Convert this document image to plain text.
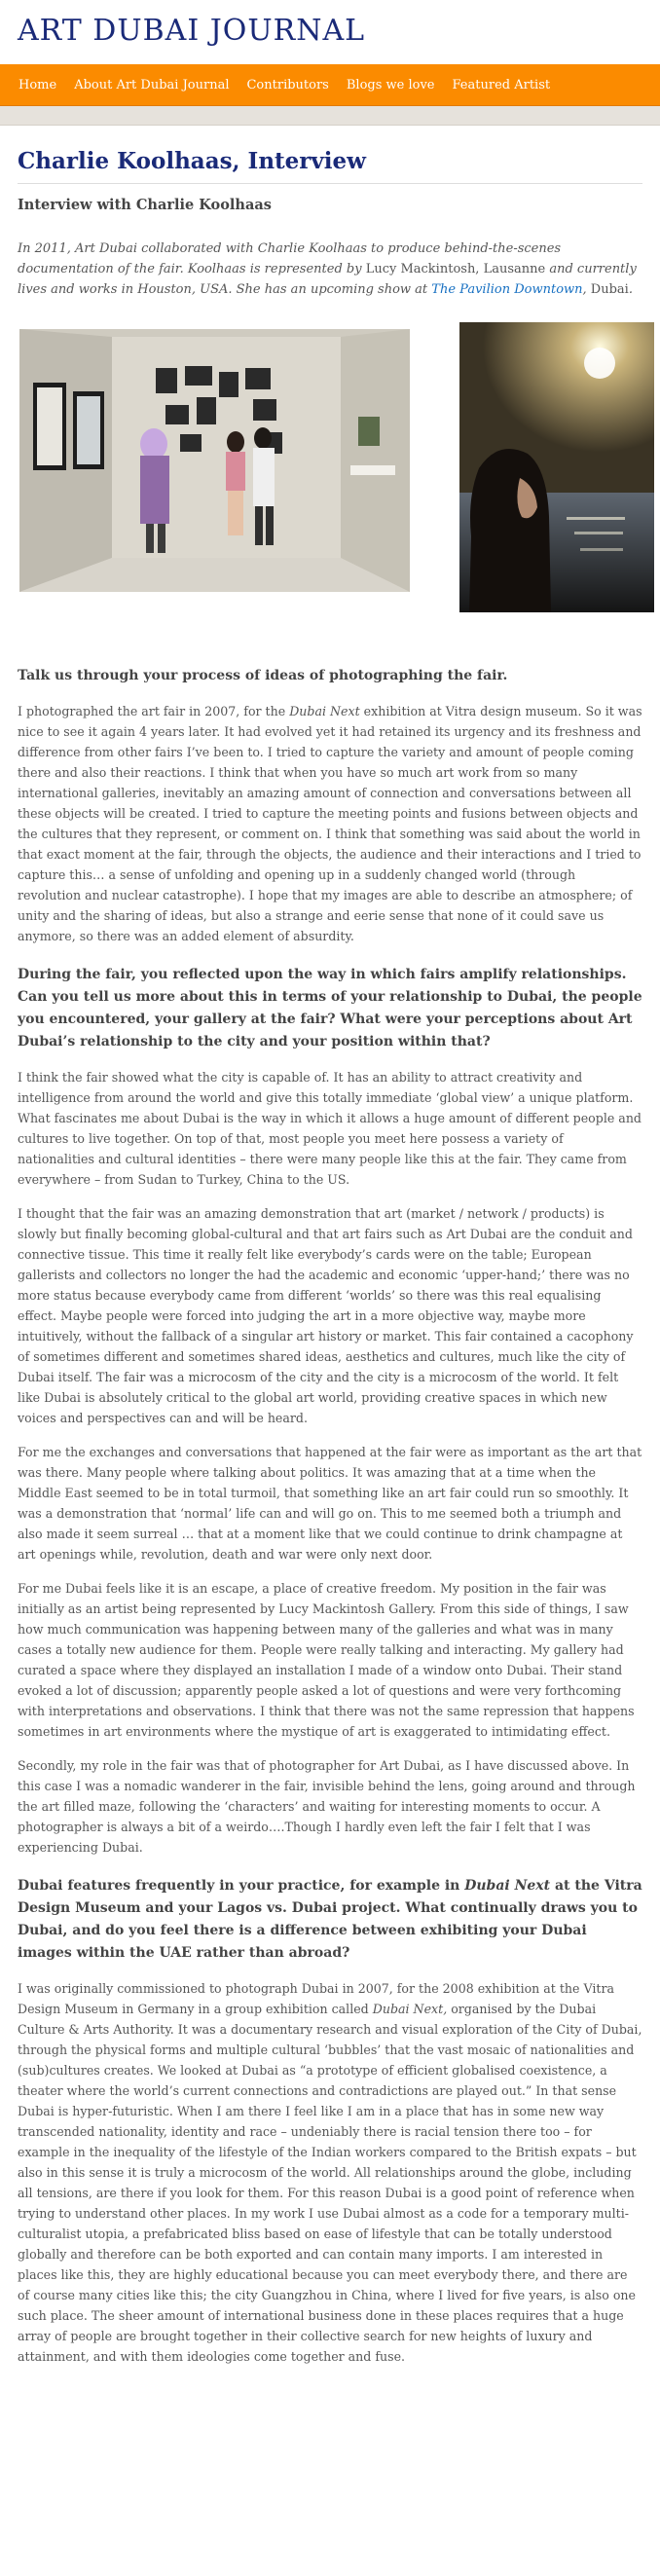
ART DUBAI JOURNAL
Home About Art Dubai Journal Contributors Blogs we love Featured Artist
Charlie Koolhaas, Interview
Interview with Charlie Koolhaas

In 2011, Art Dubai collaborated with Charlie Koolhaas to produce behind-the-scenes documentation of the fair. Koolhaas is represented by Lucy Mackintosh, Lausanne and currently lives and works in Houston, USA. She has an upcoming show at The Pavilion Downtown, Dubai.

Talk us through your process of ideas of photographing the fair.

I photographed the art fair in 2007, for the Dubai Next exhibition at Vitra design museum. So it was nice to see it again 4 years later. It had evolved yet it had retained its urgency and its freshness and difference from other fairs I’ve been to. I tried to capture the variety and amount of people coming there and also their reactions. I think that when you have so much art work from so many international galleries, inevitably an amazing amount of connection and conversations between all these objects will be created. I tried to capture the meeting points and fusions between objects and the cultures that they represent, or comment on. I think that something was said about the world in that exact moment at the fair, through the objects, the audience and their interactions and I tried to capture this… a sense of unfolding and opening up in a suddenly changed world (through revolution and nuclear catastrophe). I hope that my images are able to describe an atmosphere; of unity and the sharing of ideas, but also a strange and eerie sense that none of it could save us anymore, so there was an added element of absurdity.

During the fair, you reflected upon the way in which fairs amplify relationships. Can you tell us more about this in terms of your relationship to Dubai, the people you encountered, your gallery at the fair? What were your perceptions about Art Dubai’s relationship to the city and your position within that?

I think the fair showed what the city is capable of. It has an ability to attract creativity and intelligence from around the world and give this totally immediate ‘global view’ a unique platform. What fascinates me about Dubai is the way in which it allows a huge amount of different people and cultures to live together. On top of that, most people you meet here possess a variety of nationalities and cultural identities – there were many people like this at the fair. They came from everywhere – from Sudan to Turkey, China to the US.

I thought that the fair was an amazing demonstration that art (market / network / products) is slowly but finally becoming global-cultural and that art fairs such as Art Dubai are the conduit and connective tissue. This time it really felt like everybody’s cards were on the table; European gallerists and collectors no longer the had the academic and economic ‘upper-hand;’ there was no more status because everybody came from different ‘worlds’ so there was this real equalising effect. Maybe people were forced into judging the art in a more objective way, maybe more intuitively, without the fallback of a singular art history or market. This fair contained a cacophony of sometimes different and sometimes shared ideas, aesthetics and cultures, much like the city of Dubai itself. The fair was a microcosm of the city and the city is a microcosm of the world. It felt like Dubai is absolutely critical to the global art world, providing creative spaces in which new voices and perspectives can and will be heard.

For me the exchanges and conversations that happened at the fair were as important as the art that was there. Many people where talking about politics. It was amazing that at a time when the Middle East seemed to be in total turmoil, that something like an art fair could run so smoothly. It was a demonstration that ‘normal’ life can and will go on. This to me seemed both a triumph and also made it seem surreal … that at a moment like that we could continue to drink champagne at art openings while, revolution, death and war were only next door.

For me Dubai feels like it is an escape, a place of creative freedom. My position in the fair was initially as an artist being represented by Lucy Mackintosh Gallery. From this side of things, I saw how much communication was happening between many of the galleries and what was in many cases a totally new audience for them. People were really talking and interacting. My gallery had curated a space where they displayed an installation I made of a window onto Dubai. Their stand evoked a lot of discussion; apparently people asked a lot of questions and were very forthcoming with interpretations and observations. I think that there was not the same repression that happens sometimes in art environments where the mystique of art is exaggerated to intimidating effect.

Secondly, my role in the fair was that of photographer for Art Dubai, as I have discussed above. In this case I was a nomadic wanderer in the fair, invisible behind the lens, going around and through the art filled maze, following the ‘characters’ and waiting for interesting moments to occur. A photographer is always a bit of a weirdo….Though I hardly even left the fair I felt that I was experiencing Dubai.

Dubai features frequently in your practice, for example in Dubai Next at the Vitra Design Museum and your Lagos vs. Dubai project. What continually draws you to Dubai, and do you feel there is a difference between exhibiting your Dubai images within the UAE rather than abroad?

I was originally commissioned to photograph Dubai in 2007, for the 2008 exhibition at the Vitra Design Museum in Germany in a group exhibition called Dubai Next, organised by the Dubai Culture & Arts Authority. It was a documentary research and visual exploration of the City of Dubai, through the physical forms and multiple cultural ‘bubbles’ that the vast mosaic of nationalities and (sub)cultures creates. We looked at Dubai as “a prototype of efficient globalised coexistence, a theater where the world’s current connections and contradictions are played out.” In that sense Dubai is hyper-futuristic. When I am there I feel like I am in a place that has in some new way transcended nationality, identity and race – undeniably there is racial tension there too – for example in the inequality of the lifestyle of the Indian workers compared to the British expats – but also in this sense it is truly a microcosm of the world. All relationships around the globe, including all tensions, are there if you look for them. For this reason Dubai is a good point of reference when trying to understand other places. In my work I use Dubai almost as a code for a temporary multi-culturalist utopia, a prefabricated bliss based on ease of lifestyle that can be totally understood globally and therefore can be both exported and can contain many imports. I am interested in places like this, they are highly educational because you can meet everybody there, and there are of course many cities like this; the city Guangzhou in China, where I lived for five years, is also one such place. The sheer amount of international business done in these places requires that a huge array of people are brought together in their collective search for new heights of luxury and attainment, and with them ideologies come together and fuse.
